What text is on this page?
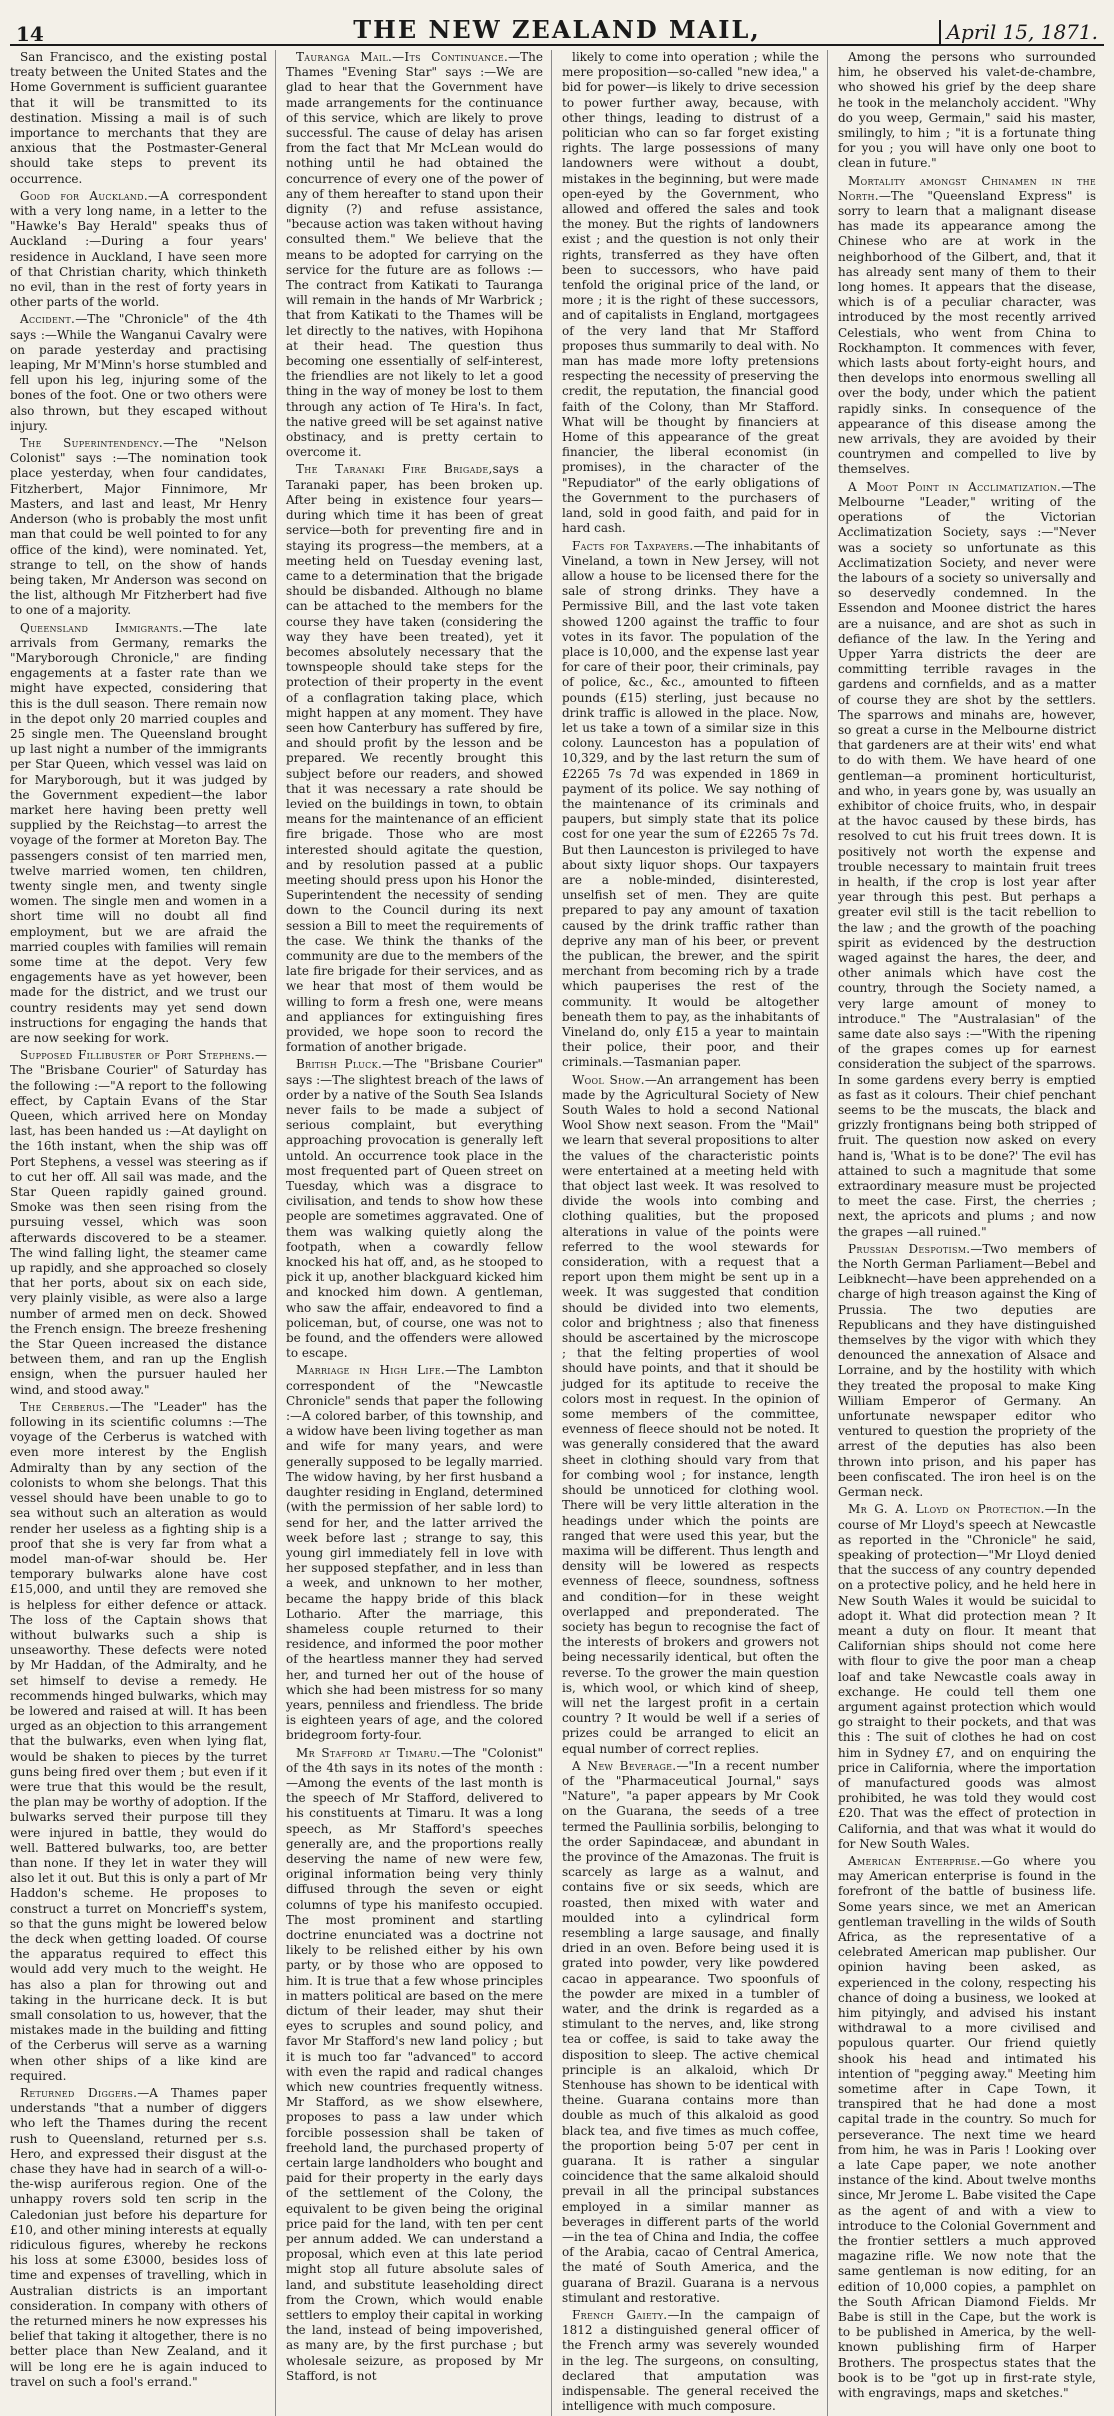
14	THE NEW ZEALAND MAIL,	April 15, 1871.

San Francisco, and the existing postal treaty between the United States and the Home Government is sufficient guarantee that it will be transmitted to its destination. Missing a mail is of such importance to merchants that they are anxious that the Postmaster-General should take steps to prevent its occurrence.

Good for Auckland.—A correspondent with a very long name, in a letter to the "Hawke's Bay Herald" speaks thus of Auckland :—During a four years' residence in Auckland, I have seen more of that Christian charity, which thinketh no evil, than in the rest of forty years in other parts of the world.

Accident.—The "Chronicle" of the 4th says :—While the Wanganui Cavalry were on parade yesterday and practising leaping, Mr M'Minn's horse stumbled and fell upon his leg, injuring some of the bones of the foot. One or two others were also thrown, but they escaped without injury.

The Superintendency.—The "Nelson Colonist" says :—The nomination took place yesterday, when four candidates, Fitzherbert, Major Finnimore, Mr Masters, and last and least, Mr Henry Anderson (who is probably the most unfit man that could be well pointed to for any office of the kind), were nominated. Yet, strange to tell, on the show of hands being taken, Mr Anderson was second on the list, although Mr Fitzherbert had five to one of a majority.

Queensland Immigrants.—The late arrivals from Germany, remarks the "Maryborough Chronicle," are finding engagements at a faster rate than we might have expected, considering that this is the dull season. There remain now in the depot only 20 married couples and 25 single men. The Queensland brought up last night a number of the immigrants per Star Queen, which vessel was laid on for Maryborough, but it was judged by the Government expedient—the labor market here having been pretty well supplied by the Reichstag—to arrest the voyage of the former at Moreton Bay. The passengers consist of ten married men, twelve married women, ten children, twenty single men, and twenty single women. The single men and women in a short time will no doubt all find employment, but we are afraid the married couples with families will remain some time at the depot. Very few engagements have as yet however, been made for the district, and we trust our country residents may yet send down instructions for engaging the hands that are now seeking for work.

Supposed Fillibuster of Port Stephens.—The "Brisbane Courier" of Saturday has the following :—"A report to the following effect, by Captain Evans of the Star Queen, which arrived here on Monday last, has been handed us :—At daylight on the 16th instant, when the ship was off Port Stephens, a vessel was steering as if to cut her off. All sail was made, and the Star Queen rapidly gained ground. Smoke was then seen rising from the pursuing vessel, which was soon afterwards discovered to be a steamer. The wind falling light, the steamer came up rapidly, and she approached so closely that her ports, about six on each side, very plainly visible, as were also a large number of armed men on deck. Showed the French ensign. The breeze freshening the Star Queen increased the distance between them, and ran up the English ensign, when the pursuer hauled her wind, and stood away."

The Cerberus.—The "Leader" has the following in its scientific columns :—The voyage of the Cerberus is watched with even more interest by the English Admiralty than by any section of the colonists to whom she belongs. That this vessel should have been unable to go to sea without such an alteration as would render her useless as a fighting ship is a proof that she is very far from what a model man-of-war should be. Her temporary bulwarks alone have cost £15,000, and until they are removed she is helpless for either defence or attack. The loss of the Captain shows that without bulwarks such a ship is unseaworthy. These defects were noted by Mr Haddan, of the Admiralty, and he set himself to devise a remedy. He recommends hinged bulwarks, which may be lowered and raised at will. It has been urged as an objection to this arrangement that the bulwarks, even when lying flat, would be shaken to pieces by the turret guns being fired over them ; but even if it were true that this would be the result, the plan may be worthy of adoption. If the bulwarks served their purpose till they were injured in battle, they would do well. Battered bulwarks, too, are better than none. If they let in water they will also let it out. But this is only a part of Mr Haddon's scheme. He proposes to construct a turret on Moncrieff's system, so that the guns might be lowered below the deck when getting loaded. Of course the apparatus required to effect this would add very much to the weight. He has also a plan for throwing out and taking in the hurricane deck. It is but small consolation to us, however, that the mistakes made in the building and fitting of the Cerberus will serve as a warning when other ships of a like kind are required.

Returned Diggers.—A Thames paper understands "that a number of diggers who left the Thames during the recent rush to Queensland, returned per s.s. Hero, and expressed their disgust at the chase they have had in search of a will-o-the-wisp auriferous region. One of the unhappy rovers sold ten scrip in the Caledonian just before his departure for £10, and other mining interests at equally ridiculous figures, whereby he reckons his loss at some £3000, besides loss of time and expenses of travelling, which in Australian districts is an important consideration. In company with others of the returned miners he now expresses his belief that taking it altogether, there is no better place than New Zealand, and it will be long ere he is again induced to travel on such a fool's errand."

Tauranga Mail.—Its Continuance.—The Thames "Evening Star" says :—We are glad to hear that the Government have made arrangements for the continuance of this service, which are likely to prove successful. The cause of delay has arisen from the fact that Mr McLean would do nothing until he had obtained the concurrence of every one of the power of any of them hereafter to stand upon their dignity (?) and refuse assistance, "because action was taken without having consulted them." We believe that the means to be adopted for carrying on the service for the future are as follows :—The contract from Katikati to Tauranga will remain in the hands of Mr Warbrick ; that from Katikati to the Thames will be let directly to the natives, with Hopihona at their head. The question thus becoming one essentially of self-interest, the friendlies are not likely to let a good thing in the way of money be lost to them through any action of Te Hira's. In fact, the native greed will be set against native obstinacy, and is pretty certain to overcome it.

The Taranaki Fire Brigade,says a Taranaki paper, has been broken up. After being in existence four years—during which time it has been of great service—both for preventing fire and in staying its progress—the members, at a meeting held on Tuesday evening last, came to a determination that the brigade should be disbanded. Although no blame can be attached to the members for the course they have taken (considering the way they have been treated), yet it becomes absolutely necessary that the townspeople should take steps for the protection of their property in the event of a conflagration taking place, which might happen at any moment. They have seen how Canterbury has suffered by fire, and should profit by the lesson and be prepared. We recently brought this subject before our readers, and showed that it was necessary a rate should be levied on the buildings in town, to obtain means for the maintenance of an efficient fire brigade. Those who are most interested should agitate the question, and by resolution passed at a public meeting should press upon his Honor the Superintendent the necessity of sending down to the Council during its next session a Bill to meet the requirements of the case. We think the thanks of the community are due to the members of the late fire brigade for their services, and as we hear that most of them would be willing to form a fresh one, were means and appliances for extinguishing fires provided, we hope soon to record the formation of another brigade.

British Pluck.—The "Brisbane Courier" says :—The slightest breach of the laws of order by a native of the South Sea Islands never fails to be made a subject of serious complaint, but everything approaching provocation is generally left untold. An occurrence took place in the most frequented part of Queen street on Tuesday, which was a disgrace to civilisation, and tends to show how these people are sometimes aggravated. One of them was walking quietly along the footpath, when a cowardly fellow knocked his hat off, and, as he stooped to pick it up, another blackguard kicked him and knocked him down. A gentleman, who saw the affair, endeavored to find a policeman, but, of course, one was not to be found, and the offenders were allowed to escape.

Marriage in High Life.—The Lambton correspondent of the "Newcastle Chronicle" sends that paper the following :—A colored barber, of this township, and a widow have been living together as man and wife for many years, and were generally supposed to be legally married. The widow having, by her first husband a daughter residing in England, determined (with the permission of her sable lord) to send for her, and the latter arrived the week before last ; strange to say, this young girl immediately fell in love with her supposed stepfather, and in less than a week, and unknown to her mother, became the happy bride of this black Lothario. After the marriage, this shameless couple returned to their residence, and informed the poor mother of the heartless manner they had served her, and turned her out of the house of which she had been mistress for so many years, penniless and friendless. The bride is eighteen years of age, and the colored bridegroom forty-four.

Mr Stafford at Timaru.—The "Colonist" of the 4th says in its notes of the month :—Among the events of the last month is the speech of Mr Stafford, delivered to his constituents at Timaru. It was a long speech, as Mr Stafford's speeches generally are, and the proportions really deserving the name of new were few, original information being very thinly diffused through the seven or eight columns of type his manifesto occupied. The most prominent and startling doctrine enunciated was a doctrine not likely to be relished either by his own party, or by those who are opposed to him. It is true that a few whose principles in matters political are based on the mere dictum of their leader, may shut their eyes to scruples and sound policy, and favor Mr Stafford's new land policy ; but it is much too far "advanced" to accord with even the rapid and radical changes which new countries frequently witness. Mr Stafford, as we show elsewhere, proposes to pass a law under which forcible possession shall be taken of freehold land, the purchased property of certain large landholders who bought and paid for their property in the early days of the settlement of the Colony, the equivalent to be given being the original price paid for the land, with ten per cent per annum added. We can understand a proposal, which even at this late period might stop all future absolute sales of land, and substitute leaseholding direct from the Crown, which would enable settlers to employ their capital in working the land, instead of being impoverished, as many are, by the first purchase ; but wholesale seizure, as proposed by Mr Stafford, is not

likely to come into operation ; while the mere proposition—so-called "new idea," a bid for power—is likely to drive secession to power further away, because, with other things, leading to distrust of a politician who can so far forget existing rights. The large possessions of many landowners were without a doubt, mistakes in the beginning, but were made open-eyed by the Government, who allowed and offered the sales and took the money. But the rights of landowners exist ; and the question is not only their rights, transferred as they have often been to successors, who have paid tenfold the original price of the land, or more ; it is the right of these successors, and of capitalists in England, mortgagees of the very land that Mr Stafford proposes thus summarily to deal with. No man has made more lofty pretensions respecting the necessity of preserving the credit, the reputation, the financial good faith of the Colony, than Mr Stafford. What will be thought by financiers at Home of this appearance of the great financier, the liberal economist (in promises), in the character of the "Repudiator" of the early obligations of the Government to the purchasers of land, sold in good faith, and paid for in hard cash.

Facts for Taxpayers.—The inhabitants of Vineland, a town in New Jersey, will not allow a house to be licensed there for the sale of strong drinks. They have a Permissive Bill, and the last vote taken showed 1200 against the traffic to four votes in its favor. The population of the place is 10,000, and the expense last year for care of their poor, their criminals, pay of police, &c., &c., amounted to fifteen pounds (£15) sterling, just because no drink traffic is allowed in the place. Now, let us take a town of a similar size in this colony. Launceston has a population of 10,329, and by the last return the sum of £2265 7s 7d was expended in 1869 in payment of its police. We say nothing of the maintenance of its criminals and paupers, but simply state that its police cost for one year the sum of £2265 7s 7d. But then Launceston is privileged to have about sixty liquor shops. Our taxpayers are a noble-minded, disinterested, unselfish set of men. They are quite prepared to pay any amount of taxation caused by the drink traffic rather than deprive any man of his beer, or prevent the publican, the brewer, and the spirit merchant from becoming rich by a trade which pauperises the rest of the community. It would be altogether beneath them to pay, as the inhabitants of Vineland do, only £15 a year to maintain their police, their poor, and their criminals.—Tasmanian paper.

Wool Show.—An arrangement has been made by the Agricultural Society of New South Wales to hold a second National Wool Show next season. From the "Mail" we learn that several propositions to alter the values of the characteristic points were entertained at a meeting held with that object last week. It was resolved to divide the wools into combing and clothing qualities, but the proposed alterations in value of the points were referred to the wool stewards for consideration, with a request that a report upon them might be sent up in a week. It was suggested that condition should be divided into two elements, color and brightness ; also that fineness should be ascertained by the microscope ; that the felting properties of wool should have points, and that it should be judged for its aptitude to receive the colors most in request. In the opinion of some members of the committee, evenness of fleece should not be noted. It was generally considered that the award sheet in clothing should vary from that for combing wool ; for instance, length should be unnoticed for clothing wool. There will be very little alteration in the headings under which the points are ranged that were used this year, but the maxima will be different. Thus length and density will be lowered as respects evenness of fleece, soundness, softness and condition—for in these weight overlapped and preponderated. The society has begun to recognise the fact of the interests of brokers and growers not being necessarily identical, but often the reverse. To the grower the main question is, which wool, or which kind of sheep, will net the largest profit in a certain country ? It would be well if a series of prizes could be arranged to elicit an equal number of correct replies.

A New Beverage.—"In a recent number of the "Pharmaceutical Journal," says "Nature", "a paper appears by Mr Cook on the Guarana, the seeds of a tree termed the Paullinia sorbilis, belonging to the order Sapindaceæ, and abundant in the province of the Amazonas. The fruit is scarcely as large as a walnut, and contains five or six seeds, which are roasted, then mixed with water and moulded into a cylindrical form resembling a large sausage, and finally dried in an oven. Before being used it is grated into powder, very like powdered cacao in appearance. Two spoonfuls of the powder are mixed in a tumbler of water, and the drink is regarded as a stimulant to the nerves, and, like strong tea or coffee, is said to take away the disposition to sleep. The active chemical principle is an alkaloid, which Dr Stenhouse has shown to be identical with theine. Guarana contains more than double as much of this alkaloid as good black tea, and five times as much coffee, the proportion being 5·07 per cent in guarana. It is rather a singular coincidence that the same alkaloid should prevail in all the principal substances employed in a similar manner as beverages in different parts of the world—in the tea of China and India, the coffee of the Arabia, cacao of Central America, the maté of South America, and the guarana of Brazil. Guarana is a nervous stimulant and restorative.

French Gaiety.—In the campaign of 1812 a distinguished general officer of the French army was severely wounded in the leg. The surgeons, on consulting, declared that amputation was indispensable. The general received the intelligence with much composure.

Among the persons who surrounded him, he observed his valet-de-chambre, who showed his grief by the deep share he took in the melancholy accident. "Why do you weep, Germain," said his master, smilingly, to him ; "it is a fortunate thing for you ; you will have only one boot to clean in future."

Mortality amongst Chinamen in the North.—The "Queensland Express" is sorry to learn that a malignant disease has made its appearance among the Chinese who are at work in the neighborhood of the Gilbert, and, that it has already sent many of them to their long homes. It appears that the disease, which is of a peculiar character, was introduced by the most recently arrived Celestials, who went from China to Rockhampton. It commences with fever, which lasts about forty-eight hours, and then develops into enormous swelling all over the body, under which the patient rapidly sinks. In consequence of the appearance of this disease among the new arrivals, they are avoided by their countrymen and compelled to live by themselves.

A Moot Point in Acclimatization.—The Melbourne "Leader," writing of the operations of the Victorian Acclimatization Society, says :—"Never was a society so unfortunate as this Acclimatization Society, and never were the labours of a society so universally and so deservedly condemned. In the Essendon and Moonee district the hares are a nuisance, and are shot as such in defiance of the law. In the Yering and Upper Yarra districts the deer are committing terrible ravages in the gardens and cornfields, and as a matter of course they are shot by the settlers. The sparrows and minahs are, however, so great a curse in the Melbourne district that gardeners are at their wits' end what to do with them. We have heard of one gentleman—a prominent horticulturist, and who, in years gone by, was usually an exhibitor of choice fruits, who, in despair at the havoc caused by these birds, has resolved to cut his fruit trees down. It is positively not worth the expense and trouble necessary to maintain fruit trees in health, if the crop is lost year after year through this pest. But perhaps a greater evil still is the tacit rebellion to the law ; and the growth of the poaching spirit as evidenced by the destruction waged against the hares, the deer, and other animals which have cost the country, through the Society named, a very large amount of money to introduce." The "Australasian" of the same date also says :—"With the ripening of the grapes comes up for earnest consideration the subject of the sparrows. In some gardens every berry is emptied as fast as it colours. Their chief penchant seems to be the muscats, the black and grizzly frontignans being both stripped of fruit. The question now asked on every hand is, 'What is to be done?' The evil has attained to such a magnitude that some extraordinary measure must be projected to meet the case. First, the cherries ; next, the apricots and plums ; and now the grapes —all ruined."

Prussian Despotism.—Two members of the North German Parliament—Bebel and Leibknecht—have been apprehended on a charge of high treason against the King of Prussia. The two deputies are Republicans and they have distinguished themselves by the vigor with which they denounced the annexation of Alsace and Lorraine, and by the hostility with which they treated the proposal to make King William Emperor of Germany. An unfortunate newspaper editor who ventured to question the propriety of the arrest of the deputies has also been thrown into prison, and his paper has been confiscated. The iron heel is on the German neck.

Mr G. A. Lloyd on Protection.—In the course of Mr Lloyd's speech at Newcastle as reported in the "Chronicle" he said, speaking of protection—"Mr Lloyd denied that the success of any country depended on a protective policy, and he held here in New South Wales it would be suicidal to adopt it. What did protection mean ? It meant a duty on flour. It meant that Californian ships should not come here with flour to give the poor man a cheap loaf and take Newcastle coals away in exchange. He could tell them one argument against protection which would go straight to their pockets, and that was this : The suit of clothes he had on cost him in Sydney £7, and on enquiring the price in California, where the importation of manufactured goods was almost prohibited, he was told they would cost £20. That was the effect of protection in California, and that was what it would do for New South Wales.

American Enterprise.—Go where you may American enterprise is found in the forefront of the battle of business life. Some years since, we met an American gentleman travelling in the wilds of South Africa, as the representative of a celebrated American map publisher. Our opinion having been asked, as experienced in the colony, respecting his chance of doing a business, we looked at him pityingly, and advised his instant withdrawal to a more civilised and populous quarter. Our friend quietly shook his head and intimated his intention of "pegging away." Meeting him sometime after in Cape Town, it transpired that he had done a most capital trade in the country. So much for perseverance. The next time we heard from him, he was in Paris ! Looking over a late Cape paper, we note another instance of the kind. About twelve months since, Mr Jerome L. Babe visited the Cape as the agent of and with a view to introduce to the Colonial Government and the frontier settlers a much approved magazine rifle. We now note that the same gentleman is now editing, for an edition of 10,000 copies, a pamphlet on the South African Diamond Fields. Mr Babe is still in the Cape, but the work is to be published in America, by the well-known publishing firm of Harper Brothers. The prospectus states that the book is to be "got up in first-rate style, with engravings, maps and sketches."
